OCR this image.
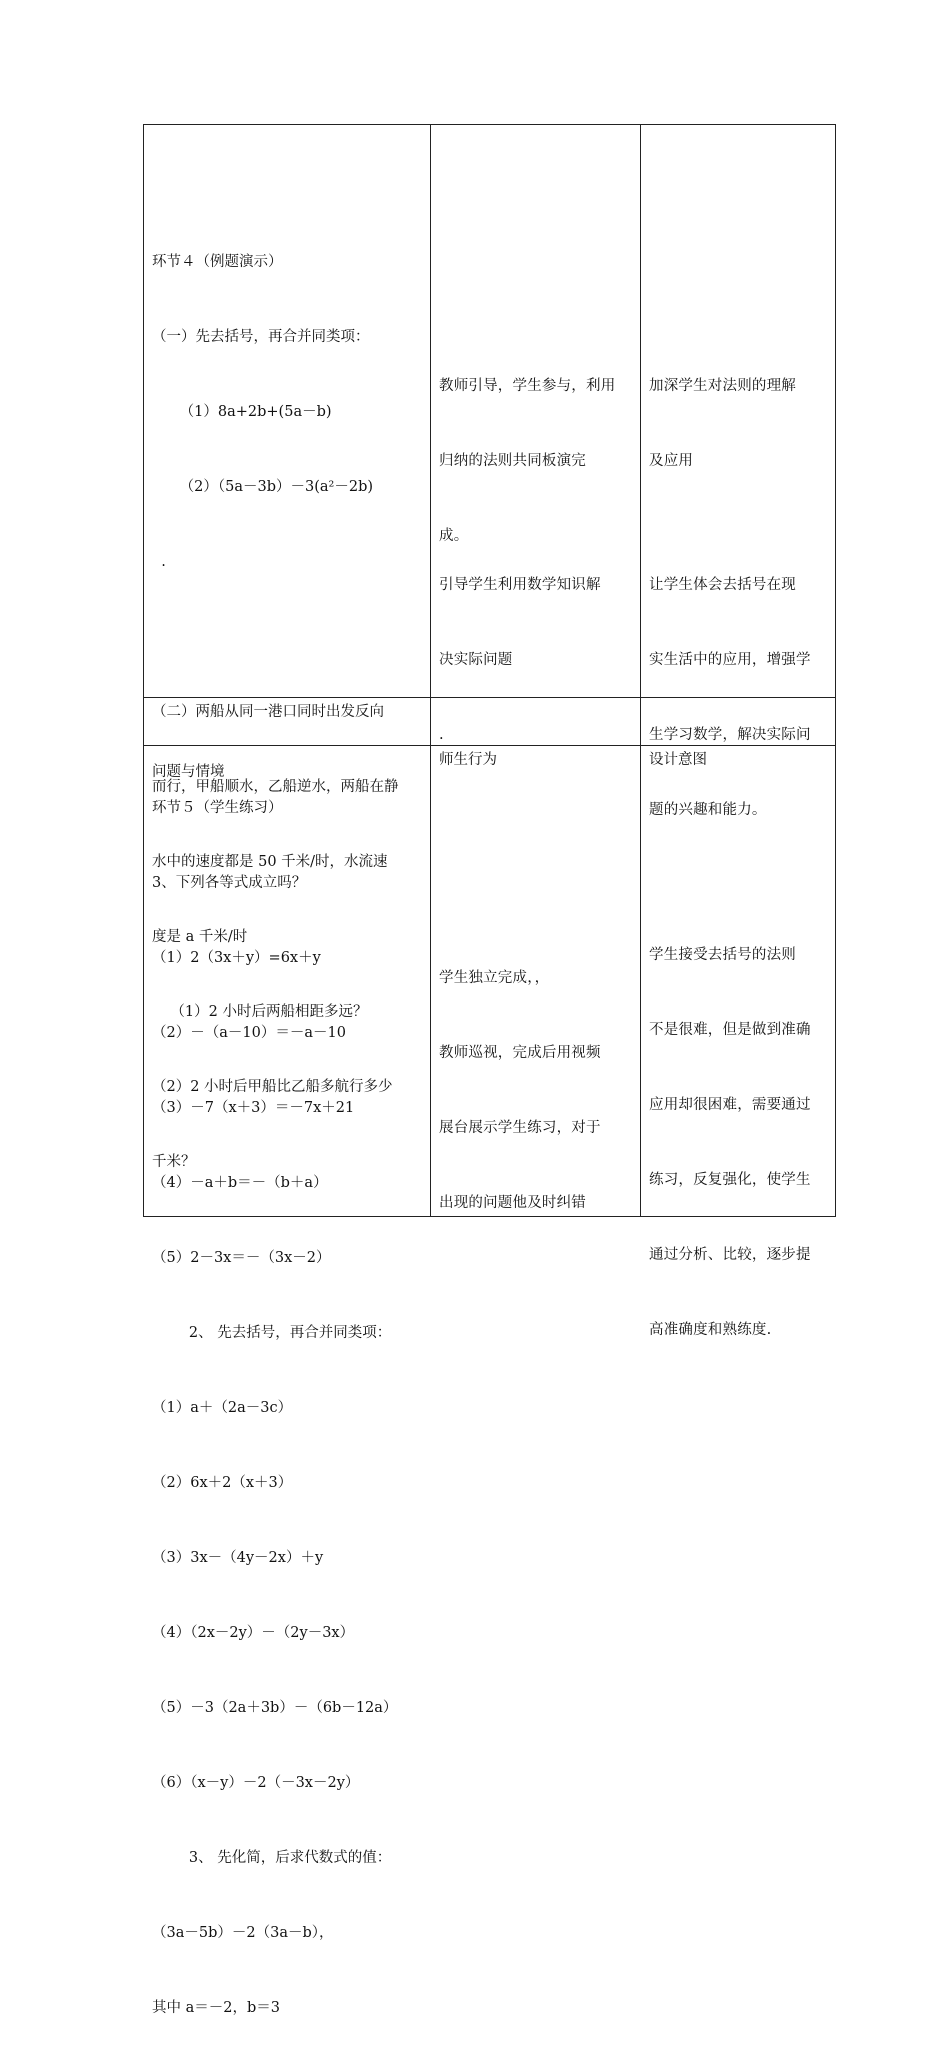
环节４（例题演示）

（一）先去括号，再合并同类项：

（1）8a+2b+(5a－b)

（2）（5a－3b）－3(a²－2b)

.

（二）两船从同一港口同时出发反向

而行，甲船顺水，乙船逆水，两船在静

水中的速度都是 50 千米/时，水流速

度是 a 千米/时

（1）2 小时后两船相距多远？

（2）2 小时后甲船比乙船多航行多少

千米？

教师引导，学生参与，利用

归纳的法则共同板演完

成。

引导学生利用数学知识解

决实际问题

.

加深学生对法则的理解

及应用

让学生体会去括号在现

实生活中的应用，增强学

生学习数学，解决实际问

题的兴趣和能力。

问题与情境

师生行为

	设计意图

环节５（学生练习）

3、下列各等式成立吗？

（1）2（3x＋y）=6x＋y

（2）－（a－10）＝－a－10

（3）－7（x＋3）＝－7x＋21

（4）－a＋b＝－（b＋a）

（5）2－3x＝－（3x－2）

2、 先去括号，再合并同类项：

（1）a＋（2a－3c）

（2）6x＋2（x＋3）

（3）3x－（4y－2x）＋y

（4）（2x－2y）－（2y－3x）

（5）－3（2a＋3b）－（6b－12a）

（6）（x－y）－2（－3x－2y）

3、 先化简，后求代数式的值：

（3a－5b）－2（3a－b），

其中 a＝－2，b＝3

学生独立完成，，

教师巡视，完成后用视频

展台展示学生练习，对于

出现的问题他及时纠错

学生接受去括号的法则

不是很难，但是做到准确

应用却很困难，需要通过

练习，反复强化，使学生

通过分析、比较，逐步提

高准确度和熟练度.
